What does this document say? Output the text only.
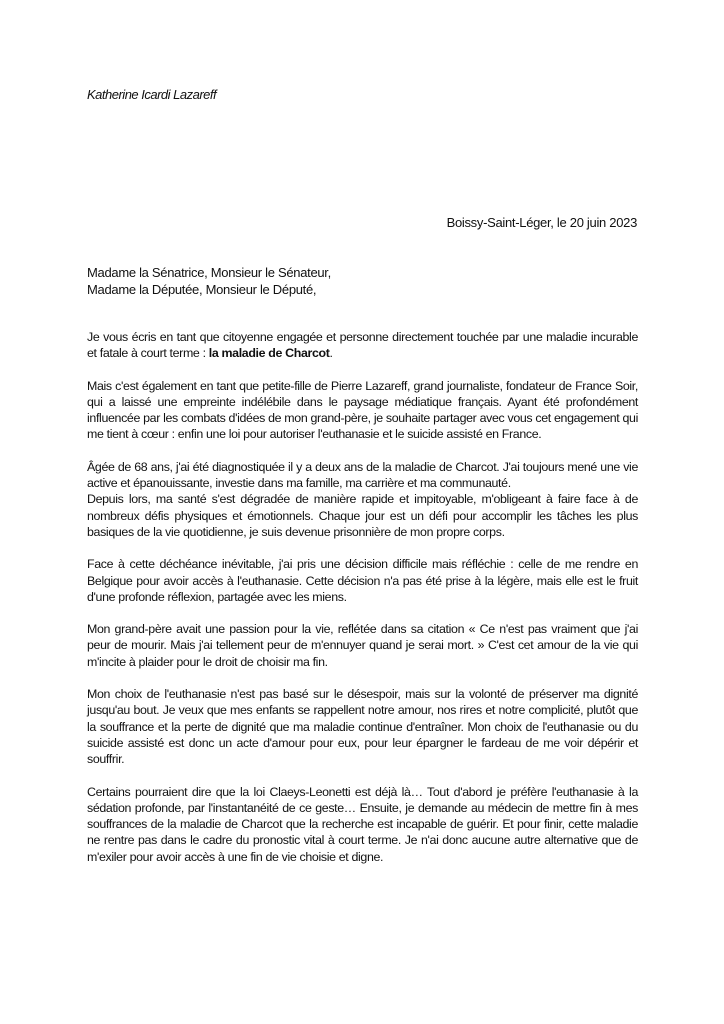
Katherine Icardi Lazareff

Boissy-Saint-Léger, le 20 juin 2023

Madame la Sénatrice, Monsieur le Sénateur,
Madame la Députée, Monsieur le Député,

Je vous écris en tant que citoyenne engagée et personne directement touchée par une maladie incurable et fatale à court terme : la maladie de Charcot.

Mais c'est également en tant que petite-fille de Pierre Lazareff, grand journaliste, fondateur de France Soir, qui a laissé une empreinte indélébile dans le paysage médiatique français. Ayant été profondément influencée par les combats d'idées de mon grand-père, je souhaite partager avec vous cet engagement qui me tient à cœur : enfin une loi pour autoriser l'euthanasie et le suicide assisté en France.

Âgée de 68 ans, j'ai été diagnostiquée il y a deux ans de la maladie de Charcot. J'ai toujours mené une vie active et épanouissante, investie dans ma famille, ma carrière et ma communauté.

Depuis lors, ma santé s'est dégradée de manière rapide et impitoyable, m'obligeant à faire face à de nombreux défis physiques et émotionnels. Chaque jour est un défi pour accomplir les tâches les plus basiques de la vie quotidienne, je suis devenue prisonnière de mon propre corps.

Face à cette déchéance inévitable, j'ai pris une décision difficile mais réfléchie : celle de me rendre en Belgique pour avoir accès à l'euthanasie. Cette décision n'a pas été prise à la légère, mais elle est le fruit d'une profonde réflexion, partagée avec les miens.

Mon grand-père avait une passion pour la vie, reflétée dans sa citation « Ce n'est pas vraiment que j'ai peur de mourir. Mais j'ai tellement peur de m'ennuyer quand je serai mort. » C'est cet amour de la vie qui m'incite à plaider pour le droit de choisir ma fin.

Mon choix de l'euthanasie n'est pas basé sur le désespoir, mais sur la volonté de préserver ma dignité jusqu'au bout. Je veux que mes enfants se rappellent notre amour, nos rires et notre complicité, plutôt que la souffrance et la perte de dignité que ma maladie continue d'entraîner. Mon choix de l'euthanasie ou du suicide assisté est donc un acte d'amour pour eux, pour leur épargner le fardeau de me voir dépérir et souffrir.

Certains pourraient dire que la loi Claeys-Leonetti est déjà là… Tout d'abord je préfère l'euthanasie à la sédation profonde, par l'instantanéité de ce geste… Ensuite, je demande au médecin de mettre fin à mes souffrances de la maladie de Charcot que la recherche est incapable de guérir. Et pour finir, cette maladie ne rentre pas dans le cadre du pronostic vital à court terme. Je n'ai donc aucune autre alternative que de m'exiler pour avoir accès à une fin de vie choisie et digne.
